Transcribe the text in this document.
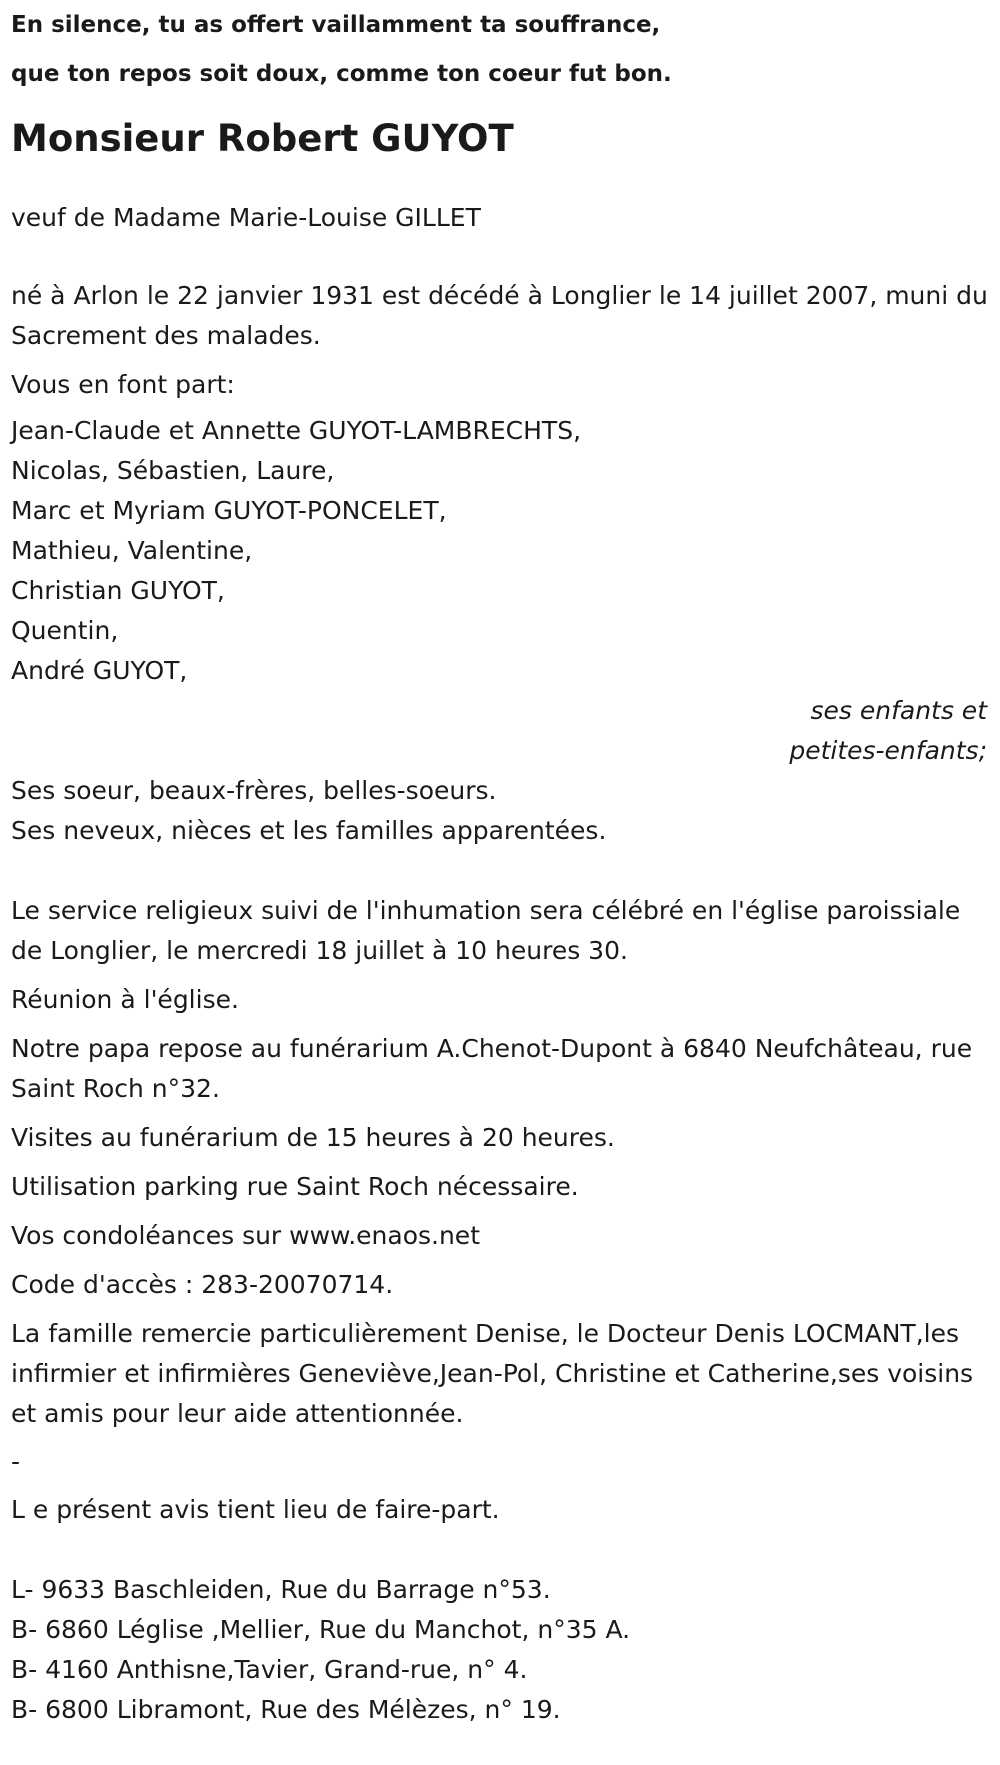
En silence, tu as offert vaillamment ta souffrance,
que ton repos soit doux, comme ton coeur fut bon.
Monsieur Robert GUYOT
veuf de Madame Marie-Louise GILLET
né à Arlon le 22 janvier 1931 est décédé à Longlier le 14 juillet 2007, muni du Sacrement des malades.
Vous en font part:
Jean-Claude et Annette GUYOT-LAMBRECHTS,
Nicolas, Sébastien, Laure,
Marc et Myriam GUYOT-PONCELET,
Mathieu, Valentine,
Christian GUYOT,
Quentin,
André GUYOT,
ses enfants et
petites-enfants;
Ses soeur, beaux-frères, belles-soeurs.
Ses neveux, nièces et les familles apparentées.
Le service religieux suivi de l'inhumation sera célébré en l'église paroissiale de Longlier, le mercredi 18 juillet à 10 heures 30.
Réunion à l'église.
Notre papa repose au funérarium A.Chenot-Dupont à 6840 Neufchâteau, rue Saint Roch n°32.
Visites au funérarium de 15 heures à 20 heures.
Utilisation parking rue Saint Roch nécessaire.
Vos condoléances sur www.enaos.net
Code d'accès : 283-20070714.
La famille remercie particulièrement Denise, le Docteur Denis LOCMANT,les infirmier et infirmières Geneviève,Jean-Pol, Christine et Catherine,ses voisins et amis pour leur aide attentionnée.
-
L e présent avis tient lieu de faire-part.
L- 9633 Baschleiden, Rue du Barrage n°53.
B- 6860 Léglise ,Mellier, Rue du Manchot, n°35 A.
B- 4160 Anthisne,Tavier, Grand-rue, n° 4.
B- 6800 Libramont, Rue des Mélèzes, n° 19.
